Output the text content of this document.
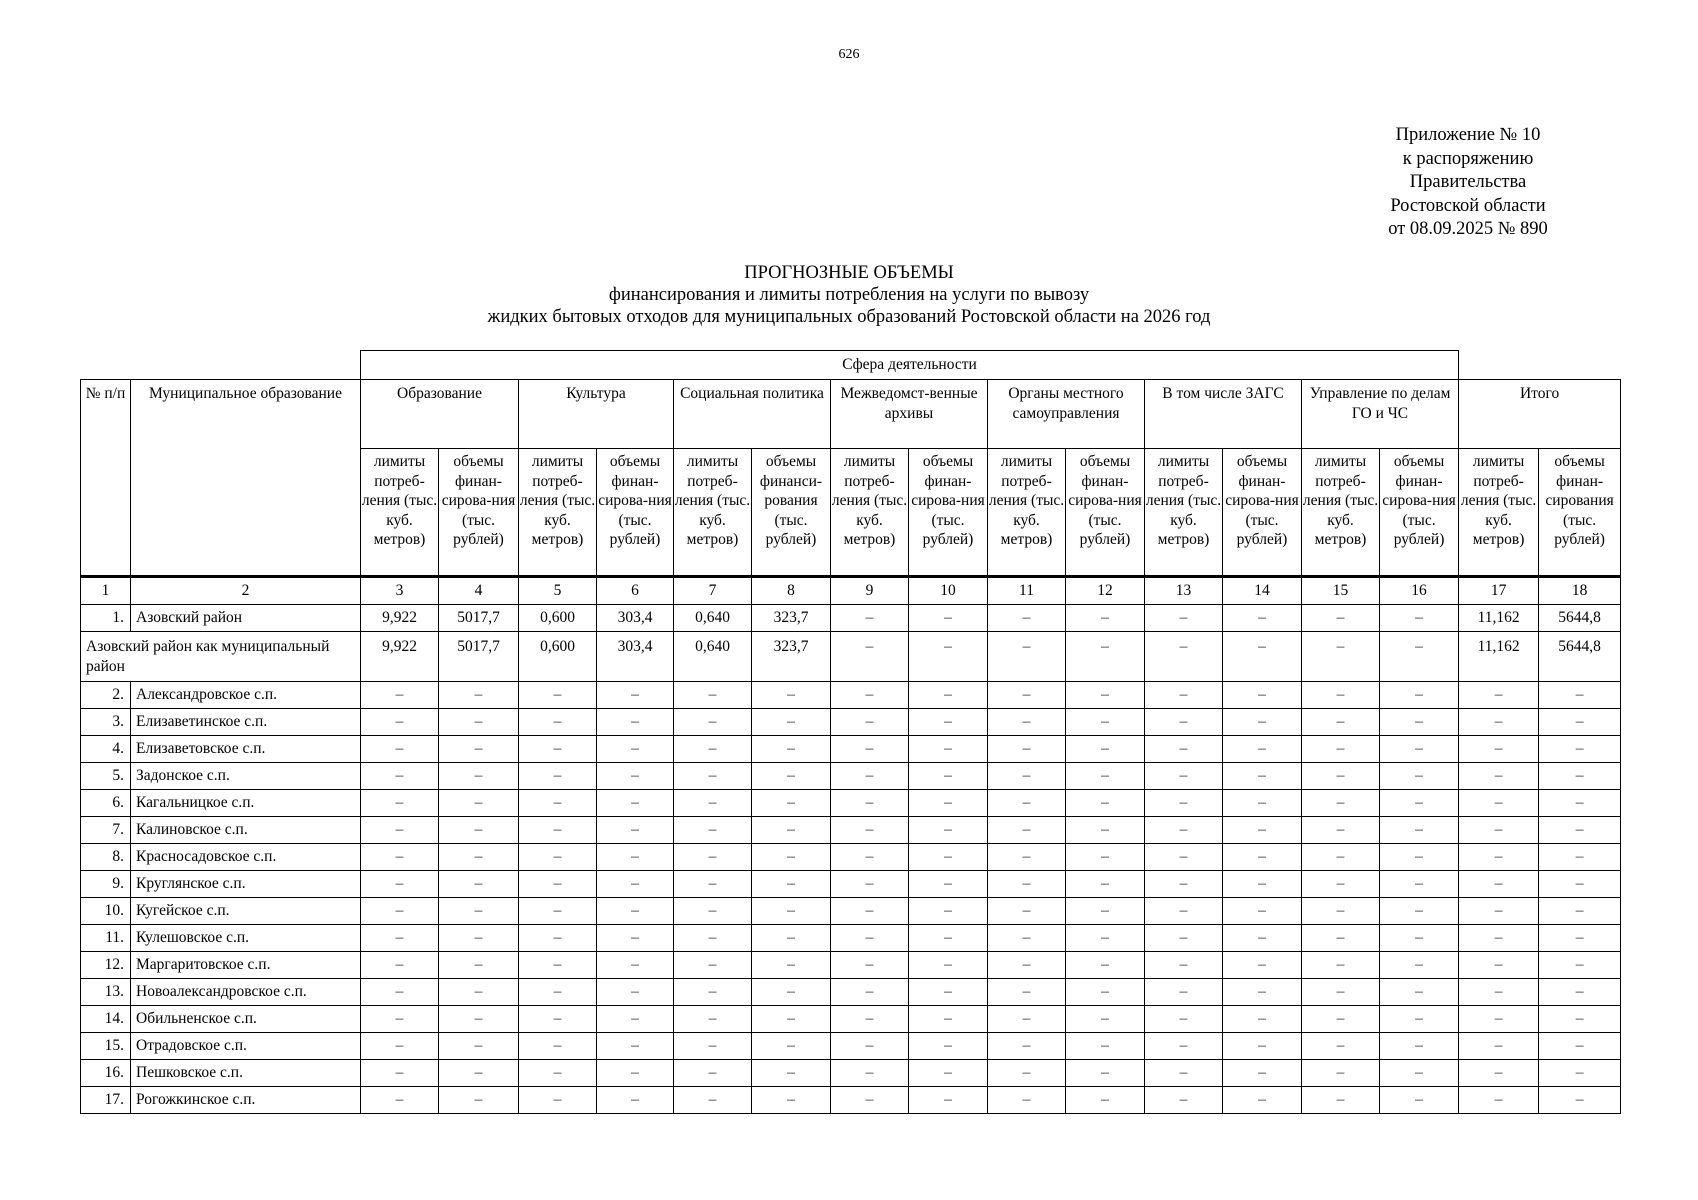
626
Приложение № 10
к распоряжению
Правительства
Ростовской области
от 08.09.2025 № 890
ПРОГНОЗНЫЕ ОБЪЕМЫ
финансирования и лимиты потребления на услуги по вывозу
жидких бытовых отходов для муниципальных образований Ростовской области на 2026 год
		Сфера деятельности															
№ п/п	Муниципальное образование	Образование		Культура		Социальная политика		Межведомст-венные архивы		Органы местного самоуправления		В том числе ЗАГС		Управление по делам ГО и ЧС		Итого	
		лимиты потреб-ления (тыс. куб. метров)	объемы финан-сирова-ния (тыс. рублей)	лимиты потреб-ления (тыс. куб. метров)	объемы финан-сирова-ния (тыс. рублей)	лимиты потреб-ления (тыс. куб. метров)	объемы финанси-рования (тыс. рублей)	лимиты потреб-ления (тыс. куб. метров)	объемы финан-сирова-ния (тыс. рублей)	лимиты потреб-ления (тыс. куб. метров)	объемы финан-сирова-ния (тыс. рублей)	лимиты потреб-ления (тыс. куб. метров)	объемы финан-сирова-ния (тыс. рублей)	лимиты потреб-ления (тыс. куб. метров)	объемы финан-сирова-ния (тыс. рублей)	лимиты потреб-ления (тыс. куб. метров)	объемы финан-сирования (тыс. рублей)
1	2	3	4	5	6	7	8	9	10	11	12	13	14	15	16	17	18
1.	Азовский район	9,922	5017,7	0,600	303,4	0,640	323,7	–	–	–	–	–	–	–	–	11,162	5644,8
Азовский район как муниципальный район		9,922	5017,7	0,600	303,4	0,640	323,7	–	–	–	–	–	–	–	–	11,162	5644,8
2.	Александровское с.п.	–	–	–	–	–	–	–	–	–	–	–	–	–	–	–	–
3.	Елизаветинское с.п.	–	–	–	–	–	–	–	–	–	–	–	–	–	–	–	–
4.	Елизаветовское с.п.	–	–	–	–	–	–	–	–	–	–	–	–	–	–	–	–
5.	Задонское с.п.	–	–	–	–	–	–	–	–	–	–	–	–	–	–	–	–
6.	Кагальницкое с.п.	–	–	–	–	–	–	–	–	–	–	–	–	–	–	–	–
7.	Калиновское с.п.	–	–	–	–	–	–	–	–	–	–	–	–	–	–	–	–
8.	Красносадовское с.п.	–	–	–	–	–	–	–	–	–	–	–	–	–	–	–	–
9.	Круглянское с.п.	–	–	–	–	–	–	–	–	–	–	–	–	–	–	–	–
10.	Кугейское с.п.	–	–	–	–	–	–	–	–	–	–	–	–	–	–	–	–
11.	Кулешовское с.п.	–	–	–	–	–	–	–	–	–	–	–	–	–	–	–	–
12.	Маргаритовское с.п.	–	–	–	–	–	–	–	–	–	–	–	–	–	–	–	–
13.	Новоалександровское с.п.	–	–	–	–	–	–	–	–	–	–	–	–	–	–	–	–
14.	Обильненское с.п.	–	–	–	–	–	–	–	–	–	–	–	–	–	–	–	–
15.	Отрадовское с.п.	–	–	–	–	–	–	–	–	–	–	–	–	–	–	–	–
16.	Пешковское с.п.	–	–	–	–	–	–	–	–	–	–	–	–	–	–	–	–
17.	Рогожкинское с.п.	–	–	–	–	–	–	–	–	–	–	–	–	–	–	–	–
